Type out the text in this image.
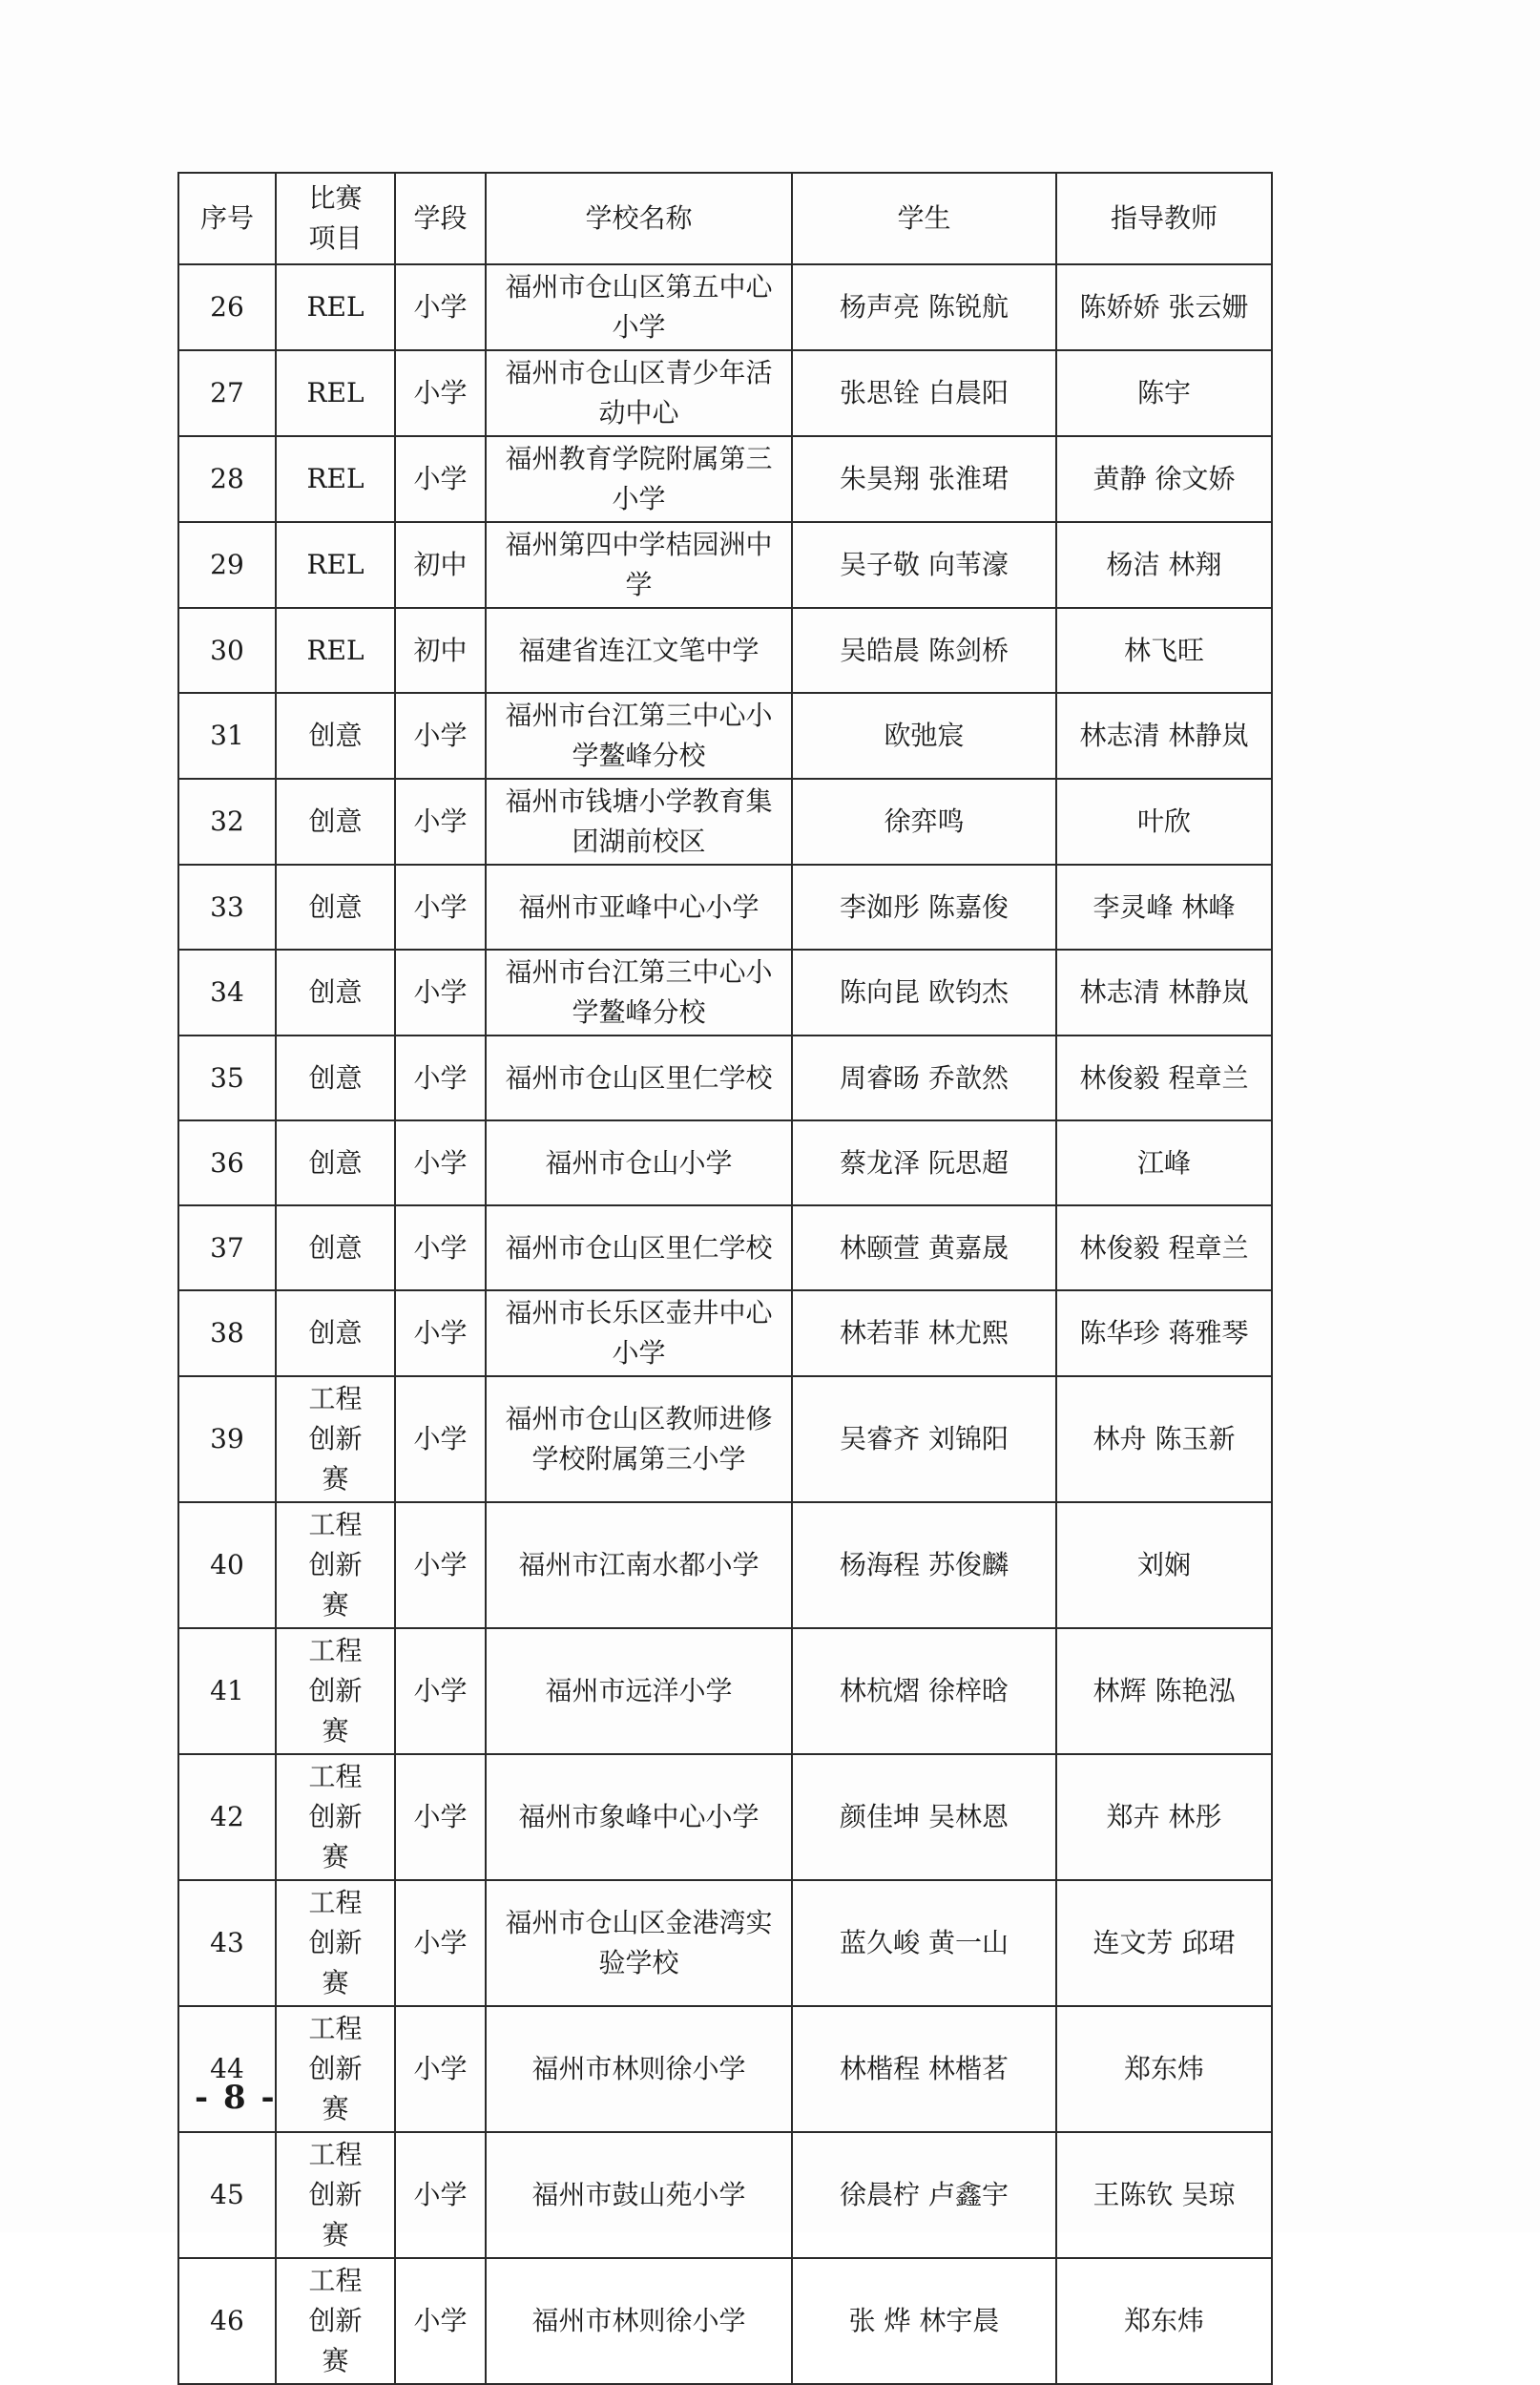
序号	比赛项目	学段	学校名称	学生	指导教师
26	REL	小学	福州市仓山区第五中心小学	杨声亮 陈锐航	陈娇娇 张云姗
27	REL	小学	福州市仓山区青少年活动中心	张思铨 白晨阳	陈宇
28	REL	小学	福州教育学院附属第三小学	朱昊翔 张淮珺	黄静 徐文娇
29	REL	初中	福州第四中学桔园洲中学	吴子敬 向苇濠	杨洁 林翔
30	REL	初中	福建省连江文笔中学	吴皓晨 陈剑桥	林飞旺
31	创意	小学	福州市台江第三中心小学鳌峰分校	欧弛宸	林志清 林静岚
32	创意	小学	福州市钱塘小学教育集团湖前校区	徐弈鸣	叶欣
33	创意	小学	福州市亚峰中心小学	李洳彤 陈嘉俊	李灵峰 林峰
34	创意	小学	福州市台江第三中心小学鳌峰分校	陈向昆 欧钧杰	林志清 林静岚
35	创意	小学	福州市仓山区里仁学校	周睿旸 乔歆然	林俊毅 程章兰
36	创意	小学	福州市仓山小学	蔡龙泽 阮思超	江峰
37	创意	小学	福州市仓山区里仁学校	林颐萱 黄嘉晟	林俊毅 程章兰
38	创意	小学	福州市长乐区壶井中心小学	林若菲 林尤熙	陈华珍 蒋雅琴
39	工程创新赛	小学	福州市仓山区教师进修学校附属第三小学	吴睿齐 刘锦阳	林舟 陈玉新
40	工程创新赛	小学	福州市江南水都小学	杨海程 苏俊麟	刘娴
41	工程创新赛	小学	福州市远洋小学	林杭熠 徐梓晗	林辉 陈艳泓
42	工程创新赛	小学	福州市象峰中心小学	颜佳坤 吴林恩	郑卉 林彤
43	工程创新赛	小学	福州市仓山区金港湾实验学校	蓝久峻 黄一山	连文芳 邱珺
44	工程创新赛	小学	福州市林则徐小学	林楷程 林楷茗	郑东炜
45	工程创新赛	小学	福州市鼓山苑小学	徐晨柠 卢鑫宇	王陈钦 吴琼
46	工程创新赛	小学	福州市林则徐小学	张 烨 林宇晨	郑东炜
- 8 -
